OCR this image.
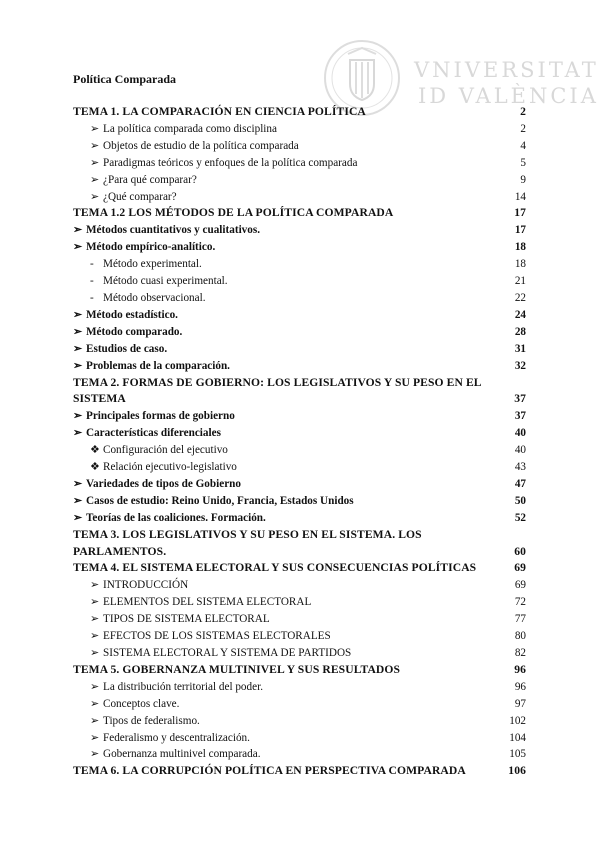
Política Comparada	VNIVERSITAT
ID VALÈNCIA
TEMA 1. LA COMPARACIÓN EN CIENCIA POLÍTICA	2
➢ La política comparada como disciplina	2
➢ Objetos de estudio de la política comparada	4
➢ Paradigmas teóricos y enfoques de la política comparada	5
➢ ¿Para qué comparar?	9
➢ ¿Qué comparar?	14
TEMA 1.2 LOS MÉTODOS DE LA POLÍTICA COMPARADA	17
➢ Métodos cuantitativos y cualitativos.	17
➢ Método empírico-analítico.	18
- Método experimental.	18
- Método cuasi experimental.	21
- Método observacional.	22
➢ Método estadístico.	24
➢ Método comparado.	28
➢ Estudios de caso.	31
➢ Problemas de la comparación.	32
TEMA 2. FORMAS DE GOBIERNO: LOS LEGISLATIVOS Y SU PESO EN EL SISTEMA	37
➢ Principales formas de gobierno	37
➢ Características diferenciales	40
❖ Configuración del ejecutivo	40
❖ Relación ejecutivo-legislativo	43
➢ Variedades de tipos de Gobierno	47
➢ Casos de estudio: Reino Unido, Francia, Estados Unidos	50
➢ Teorías de las coaliciones. Formación.	52
TEMA 3. LOS LEGISLATIVOS Y SU PESO EN EL SISTEMA. LOS PARLAMENTOS.	60
TEMA 4. EL SISTEMA ELECTORAL Y SUS CONSECUENCIAS POLÍTICAS	69
➢ INTRODUCCIÓN	69
➢ ELEMENTOS DEL SISTEMA ELECTORAL	72
➢ TIPOS DE SISTEMA ELECTORAL	77
➢ EFECTOS DE LOS SISTEMAS ELECTORALES	80
➢ SISTEMA ELECTORAL Y SISTEMA DE PARTIDOS	82
TEMA 5. GOBERNANZA MULTINIVEL Y SUS RESULTADOS	96
➢ La distribución territorial del poder.	96
➢ Conceptos clave.	97
➢ Tipos de federalismo.	102
➢ Federalismo y descentralización.	104
➢ Gobernanza multinivel comparada.	105
TEMA 6. LA CORRUPCIÓN POLÍTICA EN PERSPECTIVA COMPARADA	106
